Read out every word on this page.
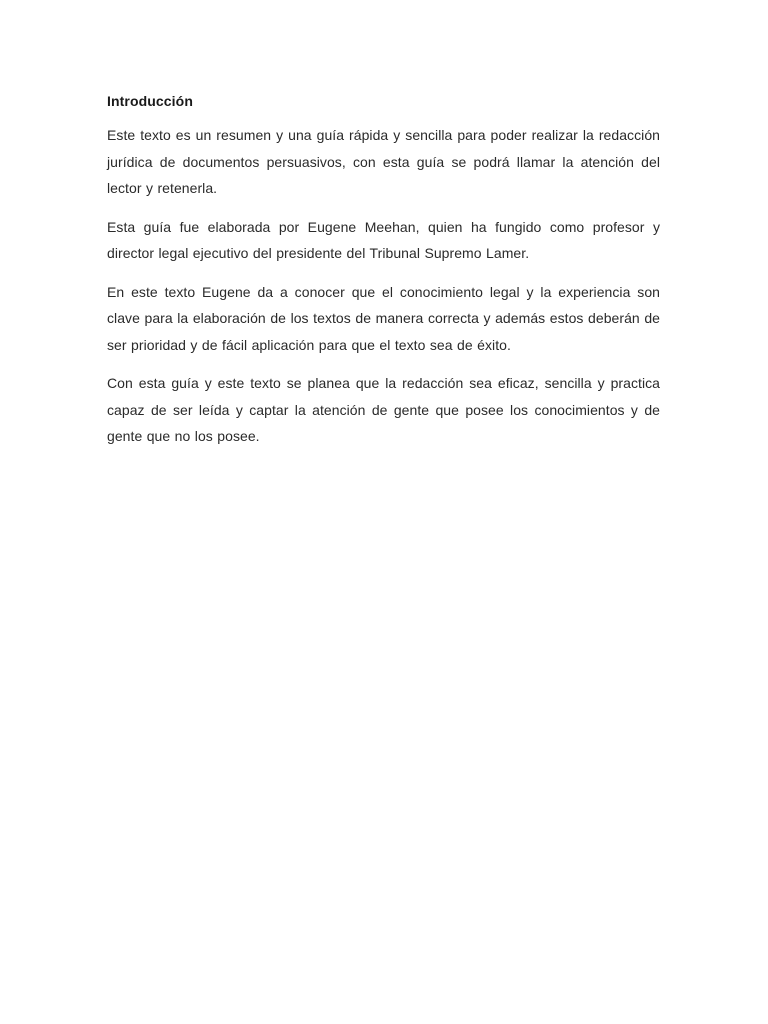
Introducción

Este texto es un resumen y una guía rápida y sencilla para poder realizar la redacción jurídica de documentos persuasivos, con esta guía se podrá llamar la atención del lector y retenerla.

Esta guía fue elaborada por Eugene Meehan, quien ha fungido como profesor y director legal ejecutivo del presidente del Tribunal Supremo Lamer.

En este texto Eugene da a conocer que el conocimiento legal y la experiencia son clave para la elaboración de los textos de manera correcta y además estos deberán de ser prioridad y de fácil aplicación para que el texto sea de éxito.

Con esta guía y este texto se planea que la redacción sea eficaz, sencilla y practica capaz de ser leída y captar la atención de gente que posee los conocimientos y de gente que no los posee.
